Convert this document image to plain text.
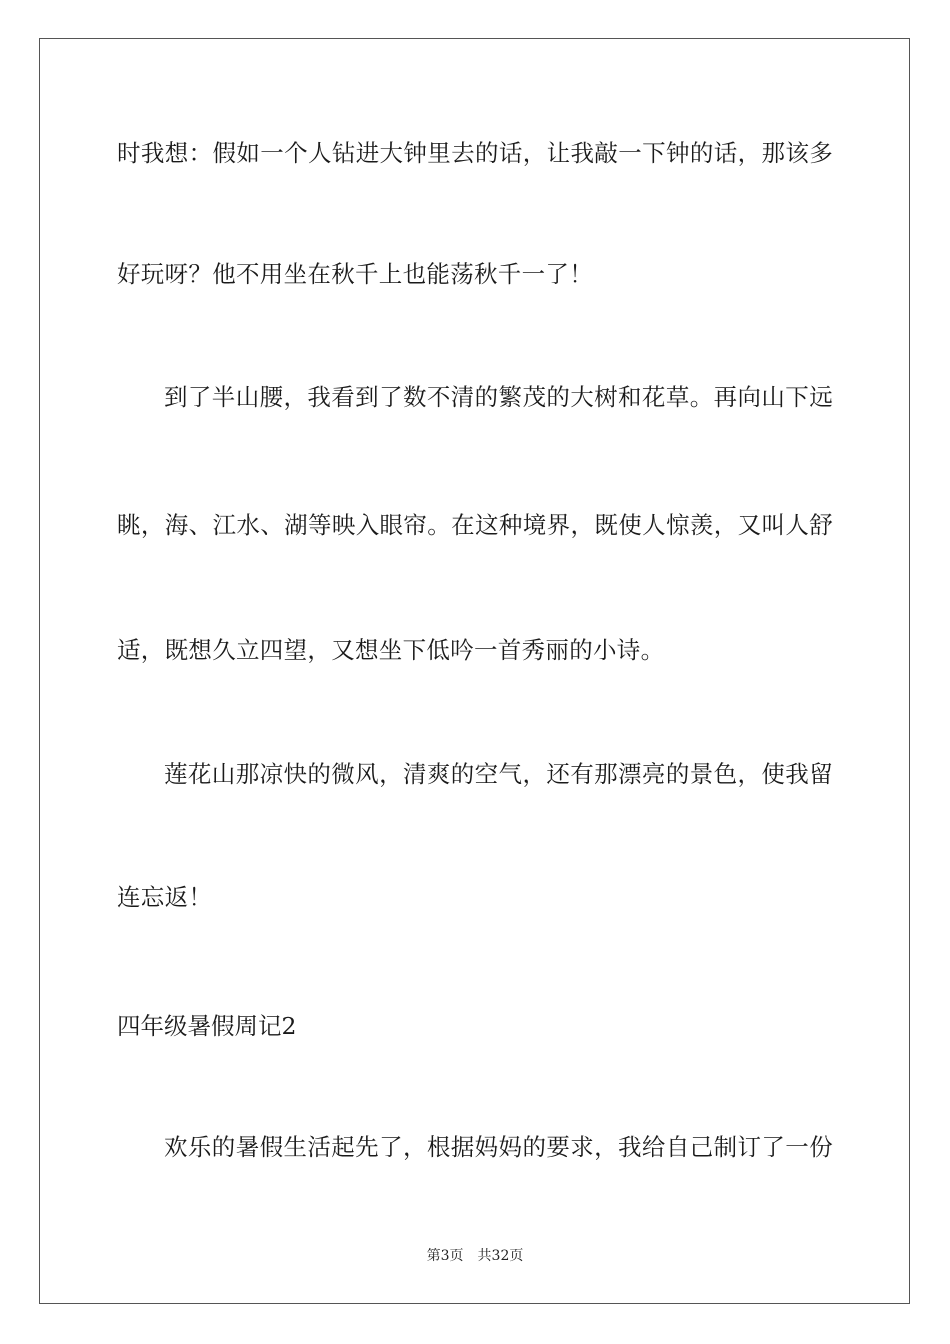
时我想：假如一个人钻进大钟里去的话，让我敲一下钟的话，那该多
好玩呀？他不用坐在秋千上也能荡秋千一了！
到了半山腰，我看到了数不清的繁茂的大树和花草。再向山下远
眺，海、江水、湖等映入眼帘。在这种境界，既使人惊羡，又叫人舒
适，既想久立四望，又想坐下低吟一首秀丽的小诗。
莲花山那凉快的微风，清爽的空气，还有那漂亮的景色，使我留
连忘返！
四年级暑假周记2
欢乐的暑假生活起先了，根据妈妈的要求，我给自己制订了一份
第3页 共32页
